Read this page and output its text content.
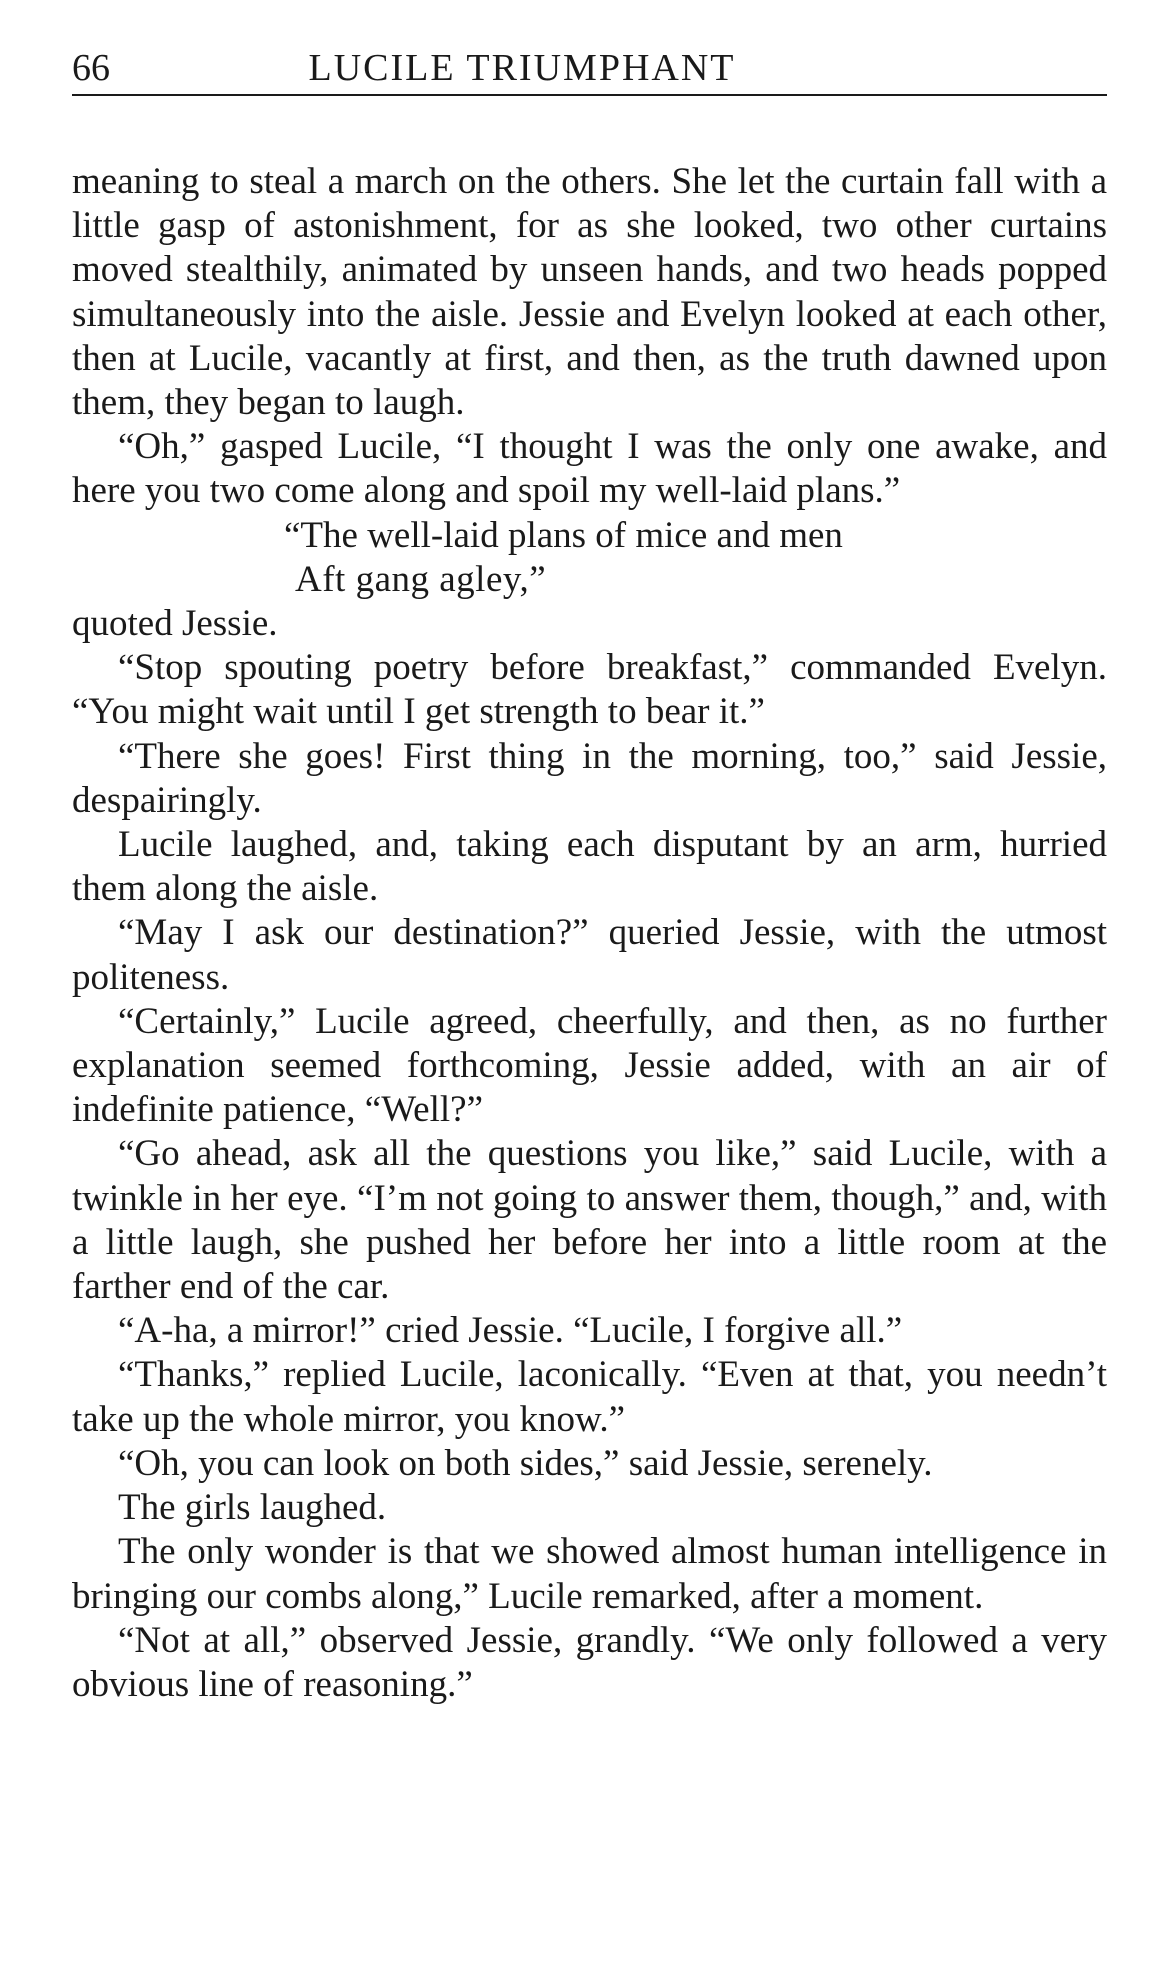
66	LUCILE TRIUMPHANT

meaning to steal a march on the others. She let the curtain fall with a little gasp of astonishment, for as she looked, two other curtains moved stealthily, animated by unseen hands, and two heads popped simultaneously into the aisle. Jessie and Evelyn looked at each other, then at Lucile, vacantly at first, and then, as the truth dawned upon them, they began to laugh.

“Oh,” gasped Lucile, “I thought I was the only one awake, and here you two come along and spoil my well-laid plans.”

“The well-laid plans of mice and men
Aft gang agley,”

quoted Jessie.

“Stop spouting poetry before breakfast,” commanded Evelyn. “You might wait until I get strength to bear it.”

“There she goes! First thing in the morning, too,” said Jessie, despairingly.

Lucile laughed, and, taking each disputant by an arm, hurried them along the aisle.

“May I ask our destination?” queried Jessie, with the utmost politeness.

“Certainly,” Lucile agreed, cheerfully, and then, as no further explanation seemed forthcoming, Jessie added, with an air of indefinite patience, “Well?”

“Go ahead, ask all the questions you like,” said Lucile, with a twinkle in her eye. “I’m not going to answer them, though,” and, with a little laugh, she pushed her before her into a little room at the farther end of the car.

“A-ha, a mirror!” cried Jessie. “Lucile, I forgive all.”

“Thanks,” replied Lucile, laconically. “Even at that, you needn’t take up the whole mirror, you know.”

“Oh, you can look on both sides,” said Jessie, serenely.

The girls laughed.

The only wonder is that we showed almost human intelligence in bringing our combs along,” Lucile remarked, after a moment.

“Not at all,” observed Jessie, grandly. “We only followed a very obvious line of reasoning.”
